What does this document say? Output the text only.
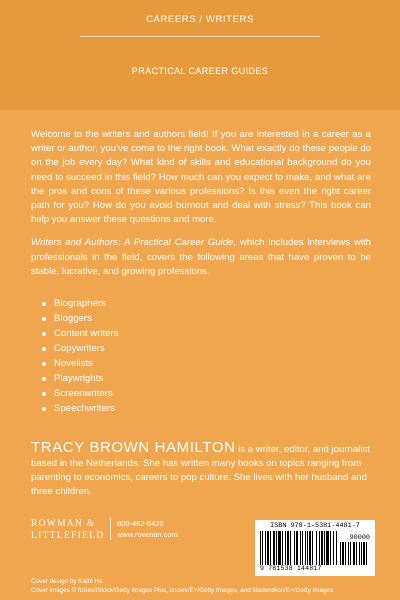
CAREERS / WRITERS
PRACTICAL CAREER GUIDES

Welcome to the writers and authors field! If you are interested in a career as a writer or author, you’ve come to the right book. What exactly do these people do on the job every day? What kind of skills and educational background do you need to succeed in this field? How much can you expect to make, and what are the pros and cons of these various professions? Is this even the right career path for you? How do you avoid burnout and deal with stress? This book can help you answer these questions and more.

Writers and Authors: A Practical Career Guide, which includes interviews with professionals in the field, covers the following areas that have proven to be stable, lucrative, and growing professions.

Biographers
Bloggers
Content writers
Copywriters
Novelists
Playwrights
Screenwriters
Speechwriters
TRACY BROWN HAMILTON is a writer, editor, and journalist based in the Netherlands. She has written many books on topics ranging from parenting to economics, careers to pop culture. She lives with her husband and three children.
ROWMAN &
LITTLEFIELD
800-462-6420
www.rowman.com
ISBN 978-1-5381-4481-7
90000
9 781538 144817
Cover design by Kathi Ha
Cover images © fizkes/iStock/Getty Images Plus, Izusek/E+/Getty Images, and fdadendron/E+/Getty Images
